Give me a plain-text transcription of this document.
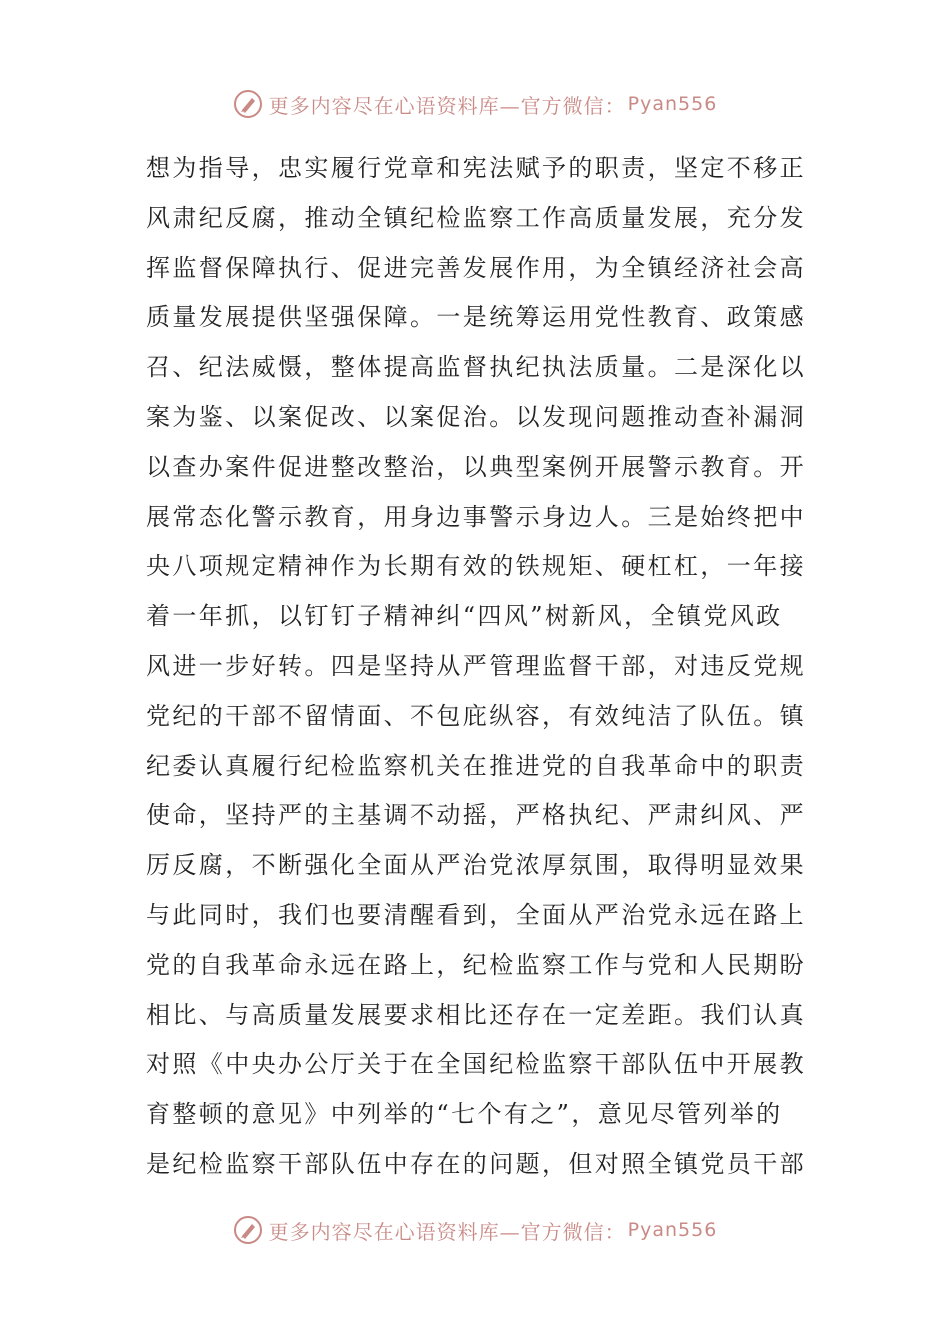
更多内容尽在心语资料库—官方微信： Pyan556
想为指导，忠实履行党章和宪法赋予的职责，坚定不移正
风肃纪反腐，推动全镇纪检监察工作高质量发展，充分发
挥监督保障执行、促进完善发展作用，为全镇经济社会高
质量发展提供坚强保障。一是统筹运用党性教育、政策感
召、纪法威慑，整体提高监督执纪执法质量。二是深化以
案为鉴、以案促改、以案促治。以发现问题推动查补漏洞
以查办案件促进整改整治，以典型案例开展警示教育。开
展常态化警示教育，用身边事警示身边人。三是始终把中
央八项规定精神作为长期有效的铁规矩、硬杠杠，一年接
着一年抓，以钉钉子精神纠“四风”树新风，全镇党风政
风进一步好转。四是坚持从严管理监督干部，对违反党规
党纪的干部不留情面、不包庇纵容，有效纯洁了队伍。镇
纪委认真履行纪检监察机关在推进党的自我革命中的职责
使命，坚持严的主基调不动摇，严格执纪、严肃纠风、严
厉反腐，不断强化全面从严治党浓厚氛围，取得明显效果
与此同时，我们也要清醒看到，全面从严治党永远在路上
党的自我革命永远在路上，纪检监察工作与党和人民期盼
相比、与高质量发展要求相比还存在一定差距。我们认真
对照《中央办公厅关于在全国纪检监察干部队伍中开展教
育整顿的意见》中列举的“七个有之”，意见尽管列举的
是纪检监察干部队伍中存在的问题，但对照全镇党员干部
更多内容尽在心语资料库—官方微信： Pyan556
